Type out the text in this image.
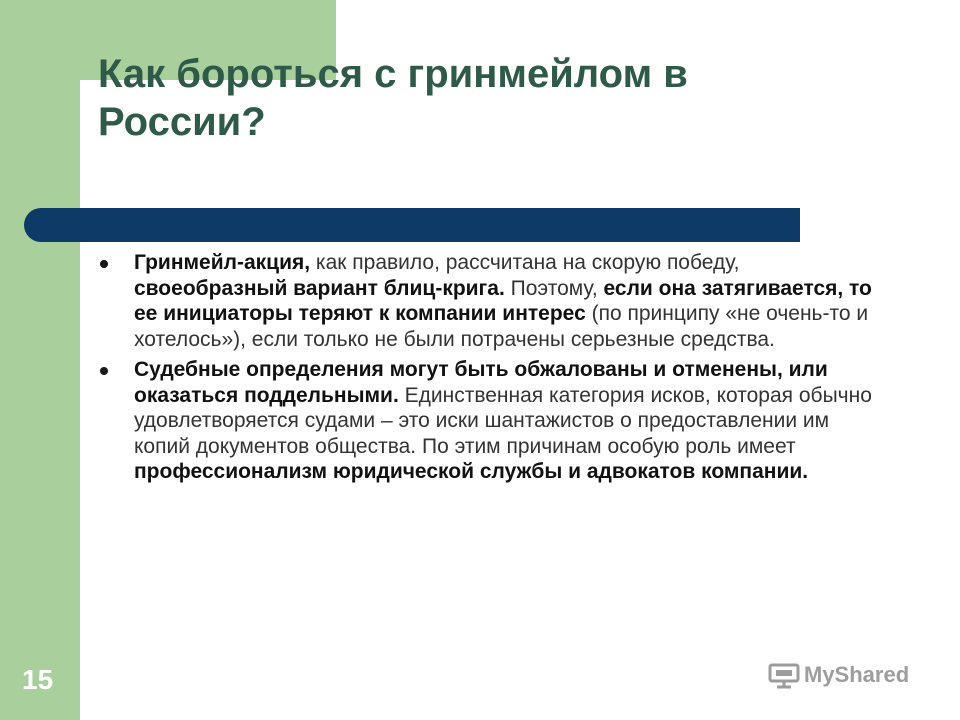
Как бороться с гринмейлом в России?
Гринмейл-акция, как правило, рассчитана на скорую победу, своеобразный вариант блиц-крига. Поэтому, если она затягивается, то ее инициаторы теряют к компании интерес (по принципу «не очень-то и хотелось»), если только не были потрачены серьезные средства.
Судебные определения могут быть обжалованы и отменены, или оказаться поддельными. Единственная категория исков, которая обычно удовлетворяется судами – это иски шантажистов о предоставлении им копий документов общества. По этим причинам особую роль имеет профессионализм юридической службы и адвокатов компании.
15	MyShared
